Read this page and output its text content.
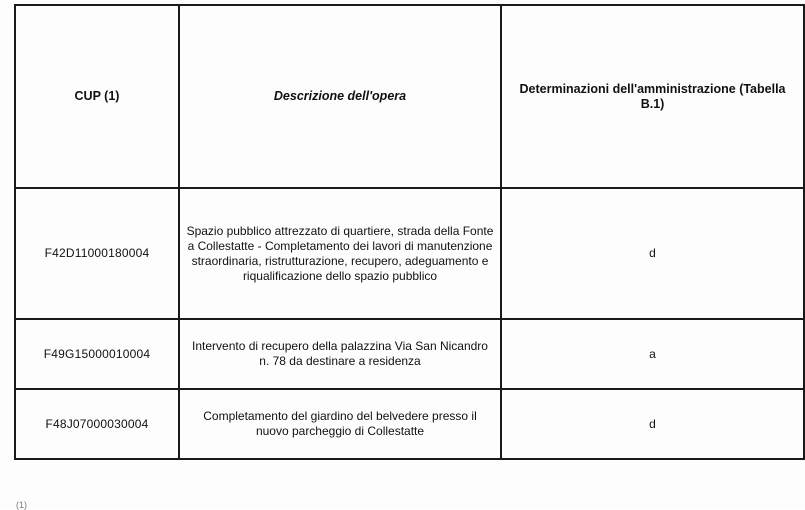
CUP (1)	Descrizione dell'opera	Determinazioni dell'amministrazione (Tabella B.1)	
F42D11000180004	Spazio pubblico attrezzato di quartiere, strada della Fonte a Collestatte - Completamento dei lavori di manutenzione straordinaria, ristrutturazione, recupero, adeguamento e riqualificazione dello spazio pubblico	d	
F49G15000010004	Intervento di recupero della palazzina Via San Nicandro n. 78 da destinare a residenza	a	
F48J07000030004	Completamento del giardino del belvedere presso il nuovo parcheggio di Collestatte	d	
(1)
